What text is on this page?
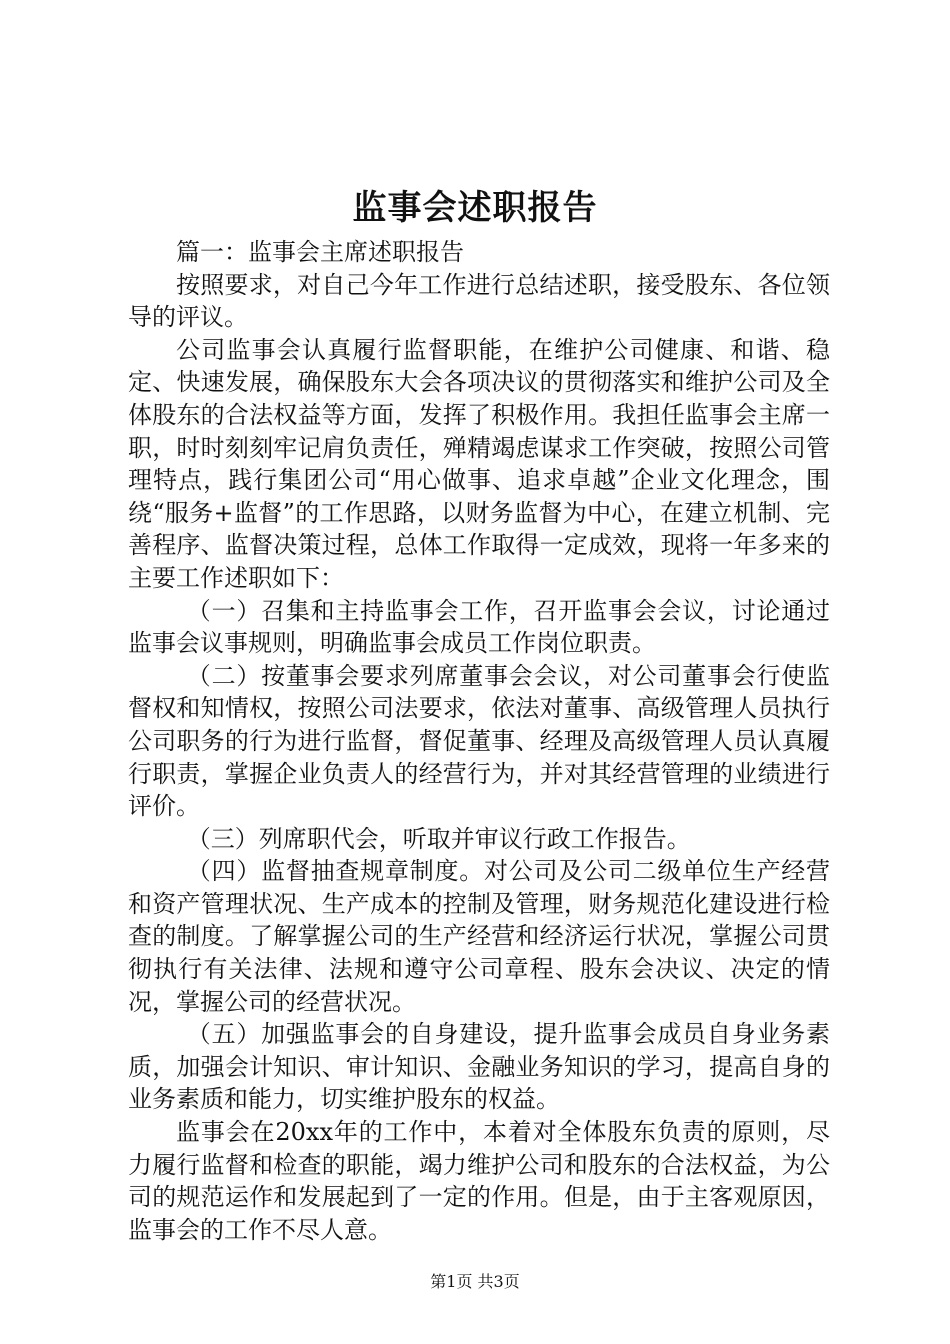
监事会述职报告

篇一：监事会主席述职报告

按照要求，对自己今年工作进行总结述职，接受股东、各位领导的评议。

公司监事会认真履行监督职能，在维护公司健康、和谐、稳定、快速发展，确保股东大会各项决议的贯彻落实和维护公司及全体股东的合法权益等方面，发挥了积极作用。我担任监事会主席一职，时时刻刻牢记肩负责任，殚精竭虑谋求工作突破，按照公司管理特点，践行集团公司“用心做事、追求卓越”企业文化理念，围绕“服务+监督”的工作思路，以财务监督为中心，在建立机制、完善程序、监督决策过程，总体工作取得一定成效，现将一年多来的主要工作述职如下：

（一）召集和主持监事会工作，召开监事会会议，讨论通过监事会议事规则，明确监事会成员工作岗位职责。

（二）按董事会要求列席董事会会议，对公司董事会行使监督权和知情权，按照公司法要求，依法对董事、高级管理人员执行公司职务的行为进行监督，督促董事、经理及高级管理人员认真履行职责，掌握企业负责人的经营行为，并对其经营管理的业绩进行评价。

（三）列席职代会，听取并审议行政工作报告。

（四）监督抽查规章制度。对公司及公司二级单位生产经营和资产管理状况、生产成本的控制及管理，财务规范化建设进行检查的制度。了解掌握公司的生产经营和经济运行状况，掌握公司贯彻执行有关法律、法规和遵守公司章程、股东会决议、决定的情况，掌握公司的经营状况。

（五）加强监事会的自身建设，提升监事会成员自身业务素质，加强会计知识、审计知识、金融业务知识的学习，提高自身的业务素质和能力，切实维护股东的权益。

监事会在20xx年的工作中，本着对全体股东负责的原则，尽力履行监督和检查的职能，竭力维护公司和股东的合法权益，为公司的规范运作和发展起到了一定的作用。但是，由于主客观原因，监事会的工作不尽人意。

第1页 共3页
